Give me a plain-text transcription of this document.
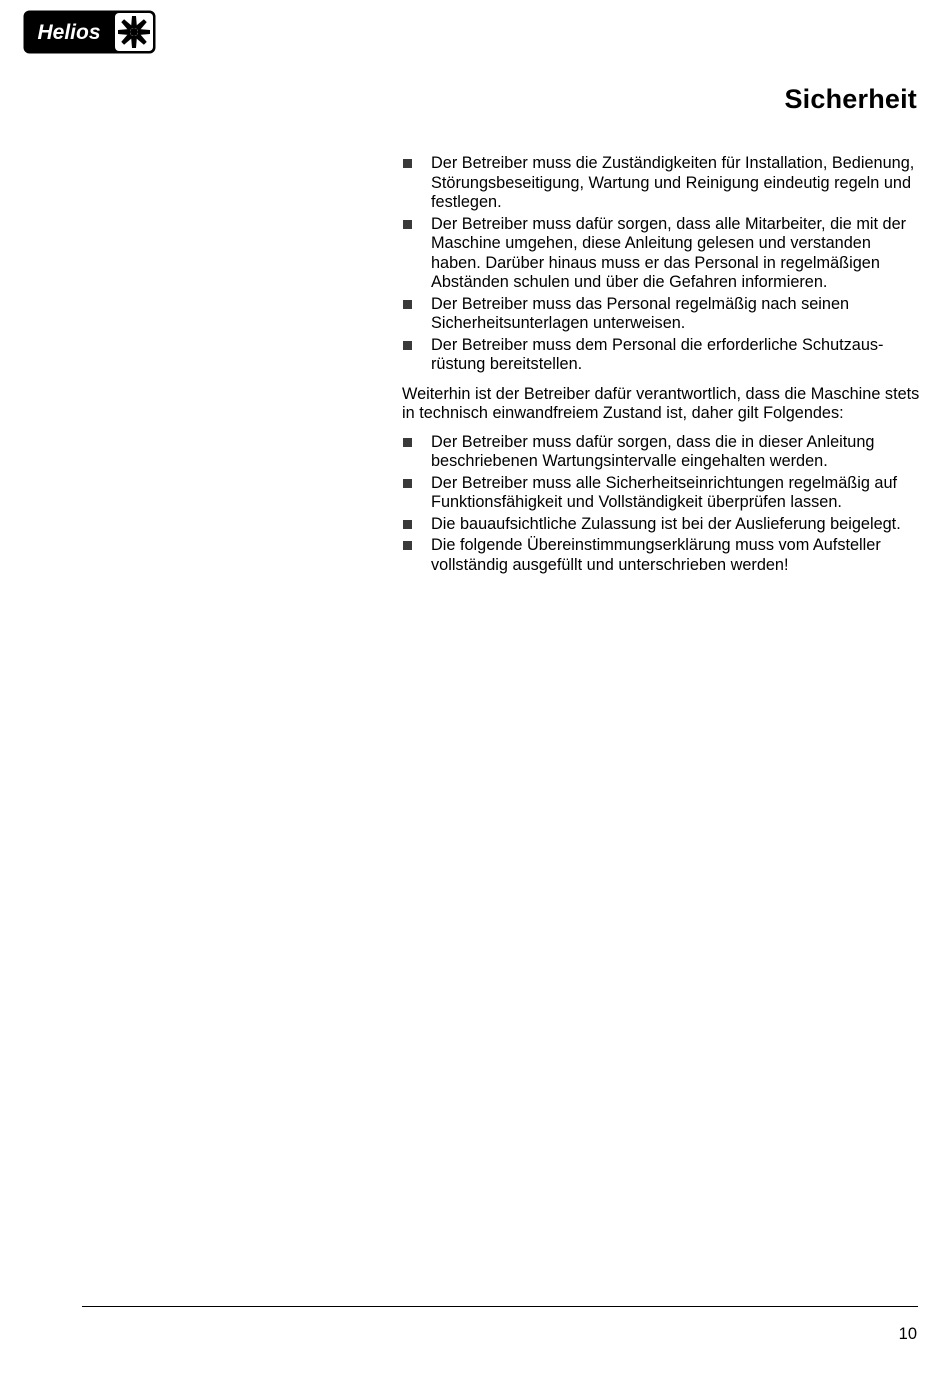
Helios
Sicherheit
Der Betreiber muss die Zuständigkeiten für Installation, Bedienung, Störungsbeseitigung, Wartung und Reinigung eindeutig regeln und festlegen.
Der Betreiber muss dafür sorgen, dass alle Mitarbeiter, die mit der Maschine umgehen, diese Anleitung gelesen und verstanden haben. Darüber hinaus muss er das Personal in regelmäßigen Abständen schulen und über die Gefahren informieren.
Der Betreiber muss das Personal regelmäßig nach seinen Sicherheitsunterlagen unterweisen.
Der Betreiber muss dem Personal die erforderliche Schutzausrüstung bereitstellen.

Weiterhin ist der Betreiber dafür verantwortlich, dass die Maschine stets in technisch einwandfreiem Zustand ist, daher gilt Folgendes:

Der Betreiber muss dafür sorgen, dass die in dieser Anleitung beschriebenen Wartungsintervalle eingehalten werden.
Der Betreiber muss alle Sicherheitseinrichtungen regelmäßig auf Funktionsfähigkeit und Vollständigkeit überprüfen lassen.
Die bauaufsichtliche Zulassung ist bei der Auslieferung beigelegt.
Die folgende Übereinstimmungserklärung muss vom Aufsteller vollständig ausgefüllt und unterschrieben werden!
10
